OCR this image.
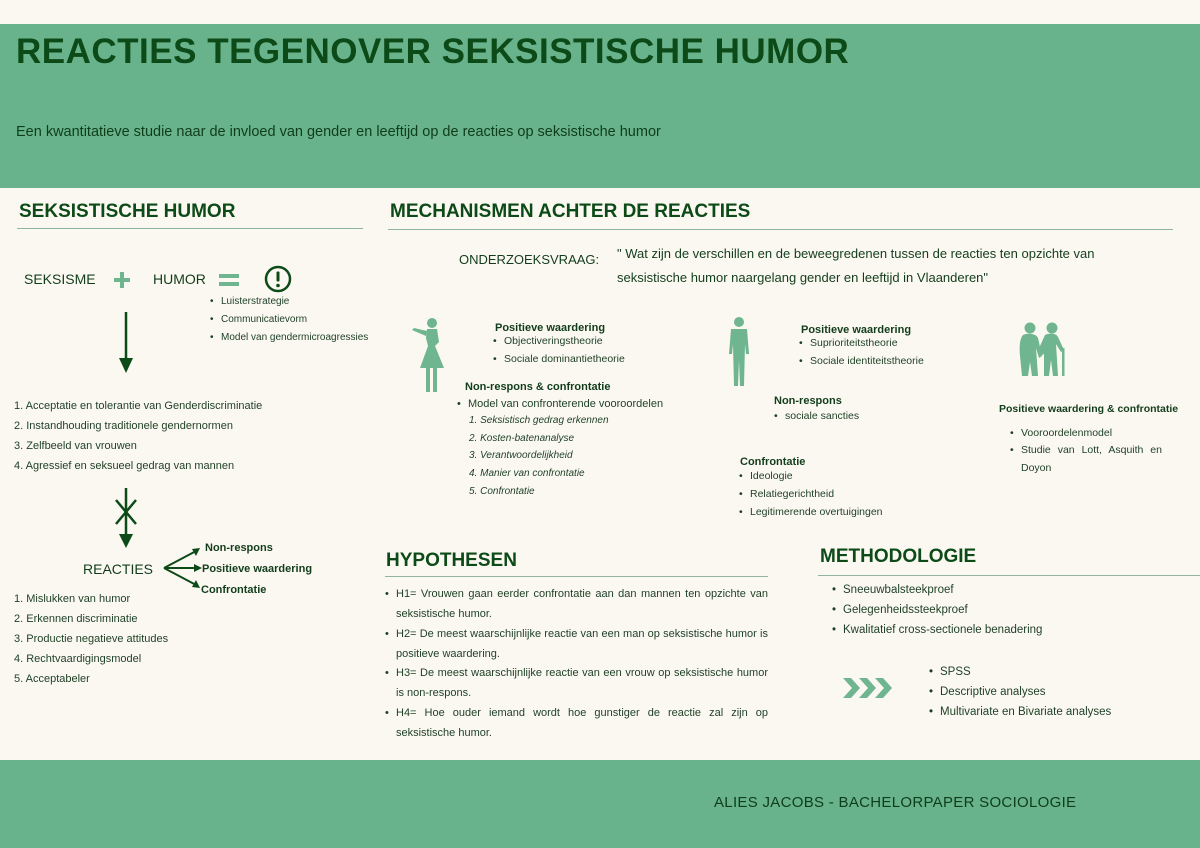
REACTIES TEGENOVER SEKSISTISCHE HUMOR
Een kwantitatieve studie naar de invloed van gender en leeftijd op de reacties op seksistische humor
SEKSISTISCHE HUMOR
SEKSISME	HUMOR
• Luisterstrategie
• Communicatievorm
• Model van gendermicroagressies
1. Acceptatie en tolerantie van Genderdiscriminatie
2. Instandhouding traditionele gendernormen
3. Zelfbeeld van vrouwen
4. Agressief en seksueel gedrag van mannen
REACTIES
Non-respons
Positieve waardering
Confrontatie
1. Mislukken van humor
2. Erkennen discriminatie
3. Productie negatieve attitudes
4. Rechtvaardigingsmodel
5. Acceptabeler
MECHANISMEN ACHTER DE REACTIES
ONDERZOEKSVRAAG: " Wat zijn de verschillen en de beweegredenen tussen de reacties ten opzichte van
seksistische humor naargelang gender en leeftijd in Vlaanderen"
Positieve waardering
• Objectiveringstheorie
• Sociale dominantietheorie
Non-respons & confrontatie
• Model van confronterende vooroordelen
1. Seksistisch gedrag erkennen
2. Kosten-batenanalyse
3. Verantwoordelijkheid
4. Manier van confrontatie
5. Confrontatie
Positieve waardering
• Suprioriteitstheorie
• Sociale identiteitstheorie
Non-respons
• sociale sancties
Confrontatie
• Ideologie
• Relatiegerichtheid
• Legitimerende overtuigingen
Positieve waardering & confrontatie
• Vooroordelenmodel
• Studie van Lott, Asquith en Doyon
HYPOTHESEN
• H1= Vrouwen gaan eerder confrontatie aan dan mannen ten opzichte van seksistische humor.
• H2= De meest waarschijnlijke reactie van een man op seksistische humor is positieve waardering.
• H3= De meest waarschijnlijke reactie van een vrouw op seksistische humor is non-respons.
• H4= Hoe ouder iemand wordt hoe gunstiger de reactie zal zijn op seksistische humor.
METHODOLOGIE
• Sneeuwbalsteekproef
• Gelegenheidssteekproef
• Kwalitatief cross-sectionele benadering
• SPSS
• Descriptive analyses
• Multivariate en Bivariate analyses
ALIES JACOBS - BACHELORPAPER SOCIOLOGIE
